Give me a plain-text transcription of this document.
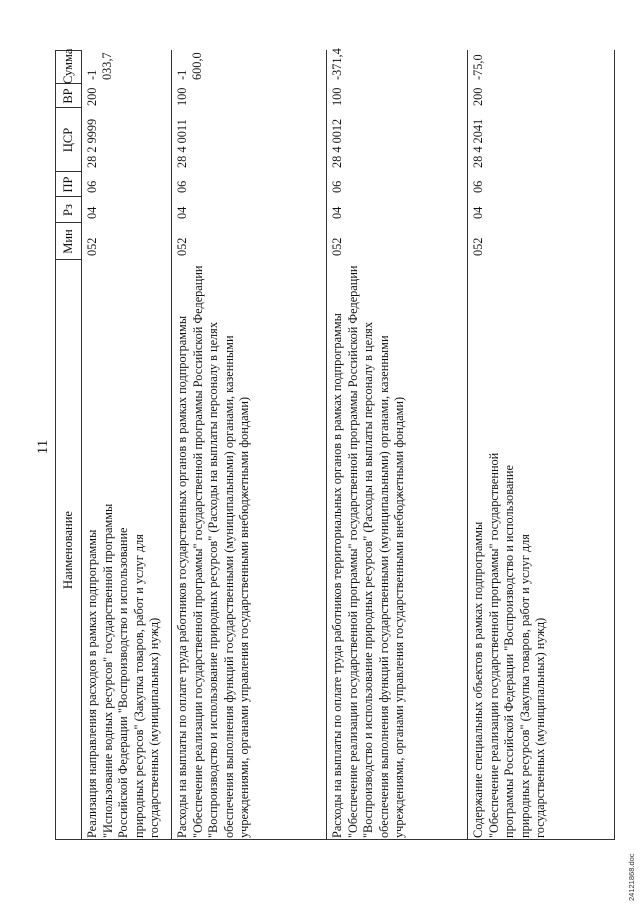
11
Наименование
Мин
Рз
ПР
ЦСР
ВР
Сумма
Реализация направления расходов в рамках подпрограммы "Использование водных ресурсов" государственной программы Российской Федерации "Воспроизводство и использование природных ресурсов" (Закупка товаров, работ и услуг для государственных (муниципальных) нужд)
052
04
06
28 2 9999
200
-1 033,7
Расходы на выплаты по оплате труда работников государственных органов в рамках подпрограммы "Обеспечение реализации государственной программы" государственной программы Российской Федерации "Воспроизводство и использование природных ресурсов" (Расходы на выплаты персоналу в целях обеспечения выполнения функций государственными (муниципальными) органами, казенными учреждениями, органами управления государственными внебюджетными фондами)
052
04
06
28 4 0011
100
-1 600,0
Расходы на выплаты по оплате труда работников территориальных органов в рамках подпрограммы "Обеспечение реализации государственной программы" государственной программы Российской Федерации "Воспроизводство и использование природных ресурсов" (Расходы на выплаты персоналу в целях обеспечения выполнения функций государственными (муниципальными) органами, казенными учреждениями, органами управления государственными внебюджетными фондами)
052
04
06
28 4 0012
100
-371,4
Содержание специальных объектов в рамках подпрограммы "Обеспечение реализации государственной программы" государственной программы Российской Федерации "Воспроизводство и использование природных ресурсов" (Закупка товаров, работ и услуг для государственных (муниципальных) нужд)
052
04
06
28 4 2041
200
-75,0
24121868.doc
